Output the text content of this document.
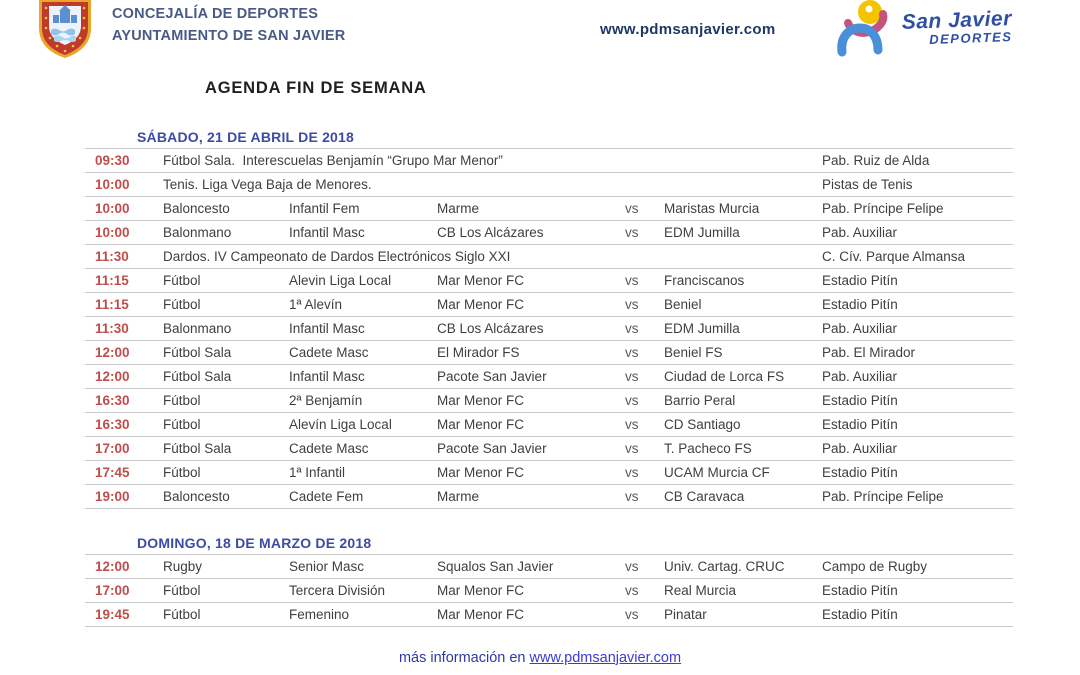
CONCEJALÍA DE DEPORTES
AYUNTAMIENTO DE SAN JAVIER	www.pdmsanjavier.com	San Javier
DEPORTES
AGENDA FIN DE SEMANA
SÁBADO, 21 DE ABRIL DE 2018
09:30	Fútbol Sala.  Interescuelas Benjamín “Grupo Mar Menor”	Pab. Ruiz de Alda
10:00	Tenis. Liga Vega Baja de Menores.	Pistas de Tenis
10:00	Baloncesto	Infantil Fem	Marme	vs	Maristas Murcia	Pab. Príncipe Felipe
10:00	Balonmano	Infantil Masc	CB Los Alcázares	vs	EDM Jumilla	Pab. Auxiliar
11:30	Dardos. IV Campeonato de Dardos Electrónicos Siglo XXI	C. Cív. Parque Almansa
11:15	Fútbol	Alevin Liga Local	Mar Menor FC	vs	Franciscanos	Estadio Pitín
11:15	Fútbol	1ª Alevín	Mar Menor FC	vs	Beniel	Estadio Pitín
11:30	Balonmano	Infantil Masc	CB Los Alcázares	vs	EDM Jumilla	Pab. Auxiliar
12:00	Fútbol Sala	Cadete Masc	El Mirador FS	vs	Beniel FS	Pab. El Mirador
12:00	Fútbol Sala	Infantil Masc	Pacote San Javier	vs	Ciudad de Lorca FS	Pab. Auxiliar
16:30	Fútbol	2ª Benjamín	Mar Menor FC	vs	Barrio Peral	Estadio Pitín
16:30	Fútbol	Alevín Liga Local	Mar Menor FC	vs	CD Santiago	Estadio Pitín
17:00	Fútbol Sala	Cadete Masc	Pacote San Javier	vs	T. Pacheco FS	Pab. Auxiliar
17:45	Fútbol	1ª Infantil	Mar Menor FC	vs	UCAM Murcia CF	Estadio Pitín
19:00	Baloncesto	Cadete Fem	Marme	vs	CB Caravaca	Pab. Príncipe Felipe
DOMINGO, 18 DE MARZO DE 2018
12:00	Rugby	Senior Masc	Squalos San Javier	vs	Univ. Cartag. CRUC	Campo de Rugby
17:00	Fútbol	Tercera División	Mar Menor FC	vs	Real Murcia	Estadio Pitín
19:45	Fútbol	Femenino	Mar Menor FC	vs	Pinatar	Estadio Pitín
más información en www.pdmsanjavier.com
